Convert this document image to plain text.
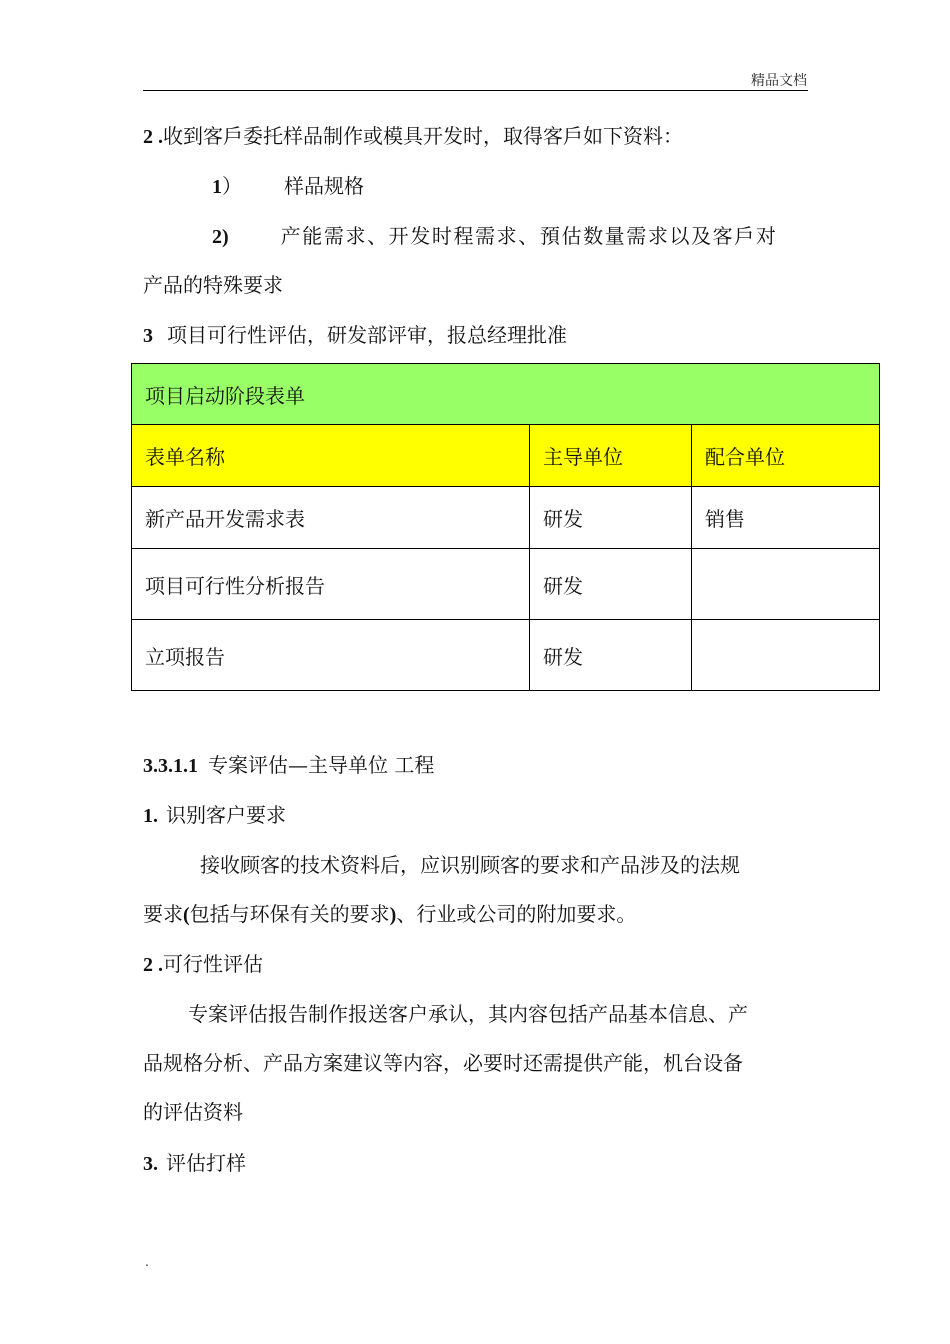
精品文档
2 .收到客戶委托样品制作或模具开发时，取得客戶如下资料：
1） 样品规格
2)	产能需求、开发时程需求、預估数量需求以及客戶对
产品的特殊要求
3 项目可行性评估，研发部评审，报总经理批准
项目启动阶段表单		
表单名称	主导单位	配合单位
新产品开发需求表	研发	销售
项目可行性分析报告	研发	
立项报告	研发	
3.3.1.1 专案评估—主导单位 工程
1. 识别客户要求
接收顾客的技术资料后，应识别顾客的要求和产品涉及的法规
要求(包括与环保有关的要求)、行业或公司的附加要求。
2 .可行性评估
专案评估报告制作报送客户承认，其内容包括产品基本信息、产
品规格分析、产品方案建议等内容，必要时还需提供产能，机台设备
的评估资料
3. 评估打样
.
